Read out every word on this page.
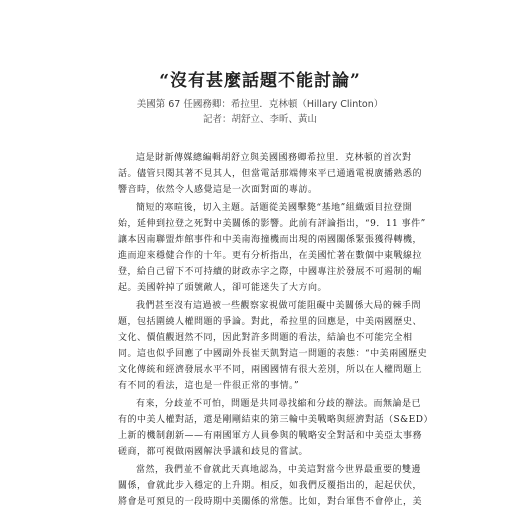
“沒有甚麼話題不能討論”
美國第 67 任國務卿：希拉里．克林頓（Hillary Clinton）
記者：胡舒立、李昕、黃山
這是財新傳媒總編輯胡舒立與美國國務卿希拉里．克林頓的首次對
話。儘管只閱其著不見其人，但當電話那端傳來平已通過電視廣播熟悉的
響音時，依然令人感覺這是一次面對面的專訪。
簡短的寒暄後，切入主題。話題從美國擊斃“基地”組織頭目拉登開
始，延伸到拉登之死對中美關係的影響。此前有評論指出，“9．11 事件”
讓本因南聯盟炸館事件和中美南海撞機而出現的兩國關係緊張獲得轉機，
進而迎來穩健合作的十年。更有分析指出，在美國忙著在數個中東戰線拉
登，給自己留下不可持續的財政赤字之際，中國專注於發展不可遏制的崛
起。美國幹掉了頭號敵人，卻可能迷失了大方向。
我們甚至沒有這過被一些觀察家視做可能阻礙中美關係大局的棘手問
題，包括圍繞人權問題的爭論。對此，希拉里的回應是，中美兩國歷史、
文化、價值觀迥然不同，因此對許多問題的看法，結論也不可能完全相
同。這也似乎回應了中國副外長崔天凱對這一問題的表態：“中美兩國歷史
文化傳統和經濟發展水平不同，兩國國情有很大差別，所以在人權問題上
有不同的看法，這也是一件很正常的事情。”
有來，分歧並不可怕，問題是共同尋找縮和分歧的辦法。而無論是已
有的中美人權對話，還是剛剛結束的第三輪中美戰略與經濟對話（S&ED）
上新的機制創新——有兩國軍方人員參與的戰略安全對話和中美亞太事務
磋商，都可視做兩國解決爭議和歧見的嘗試。
當然，我們並不會就此天真地認為，中美這對當今世界最重要的雙邊
關係，會就此步入穩定的上升期。相反，如我們反覆指出的，起起伏伏，
將會是可預見的一段時期中美關係的常態。比如，對台軍售不會停止，美
